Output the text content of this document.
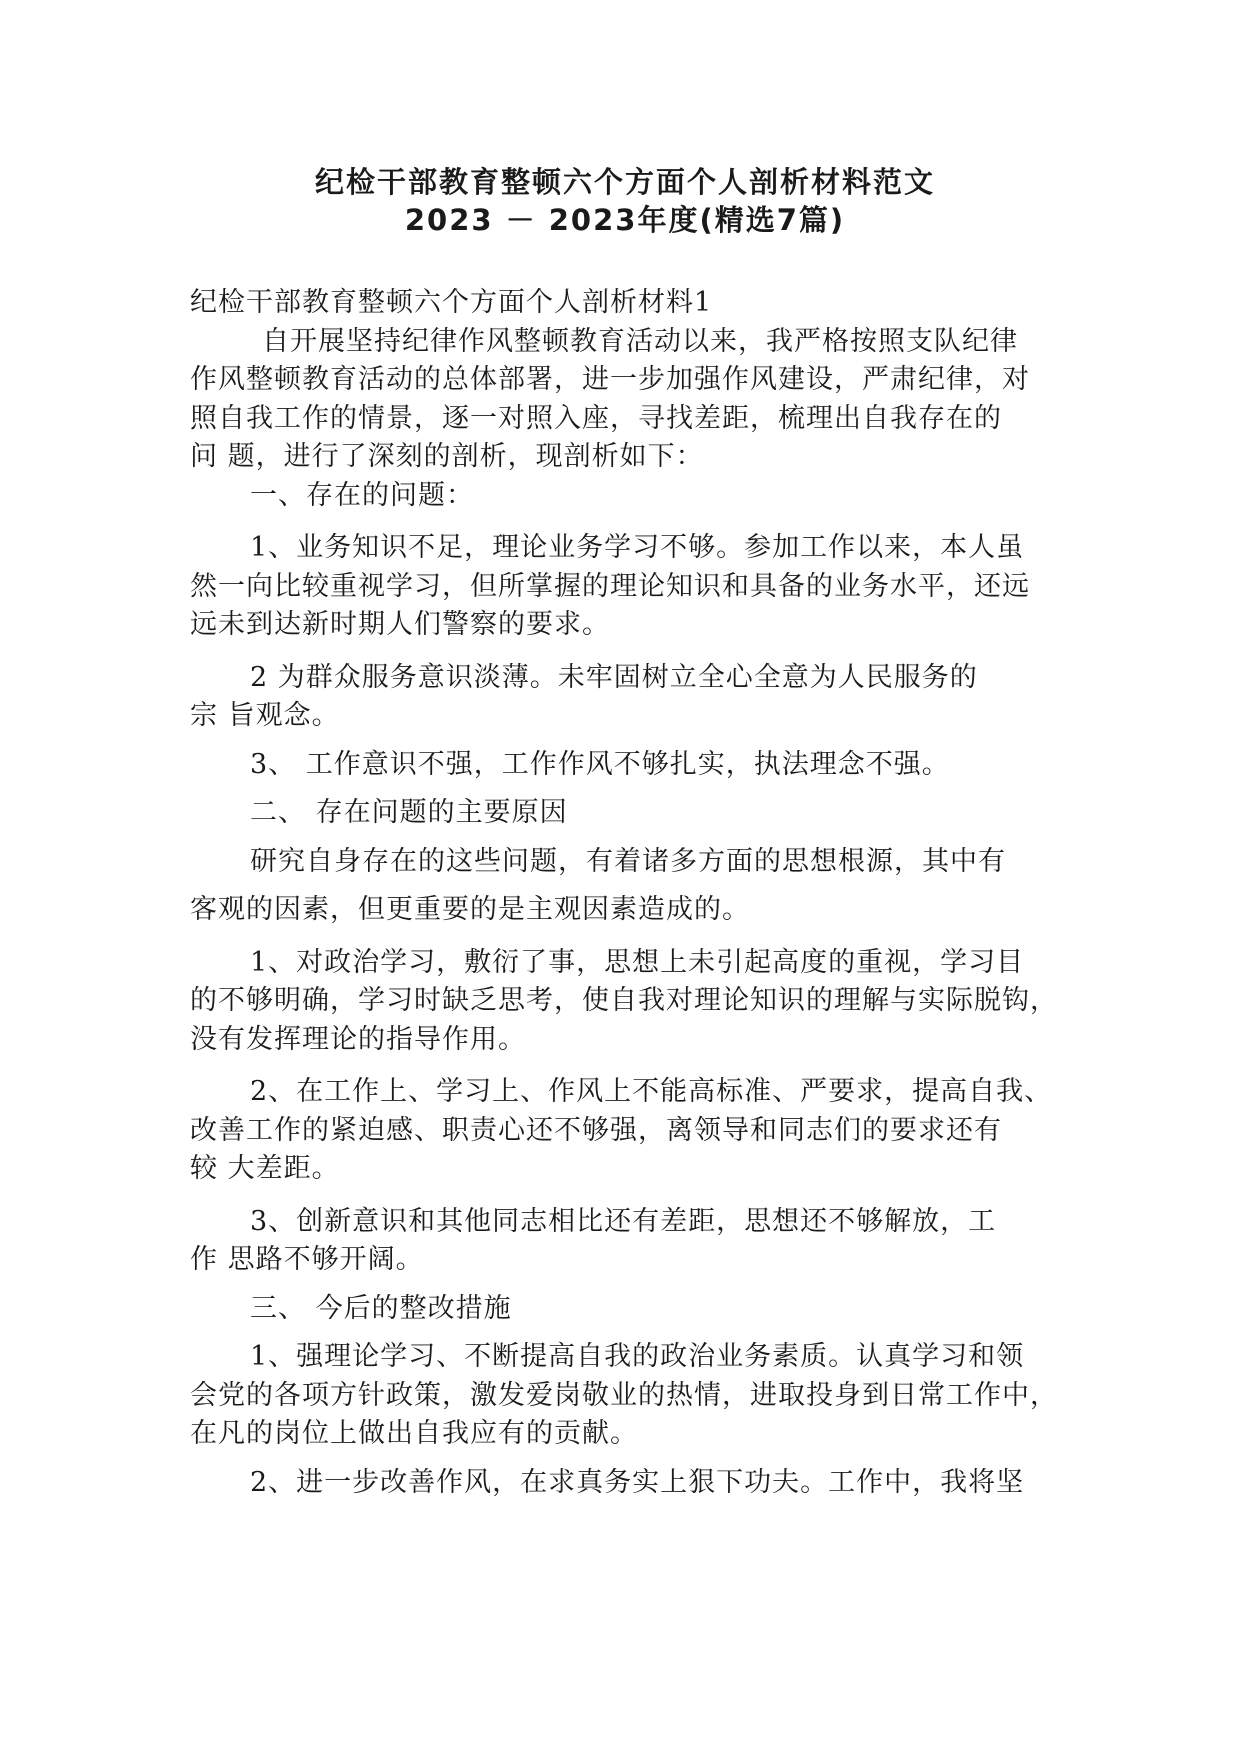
纪检干部教育整顿六个方面个人剖析材料范文
2023 － 2023年度(精选7篇)
纪检干部教育整顿六个方面个人剖析材料1
自开展坚持纪律作风整顿教育活动以来，我严格按照支队纪律
作风整顿教育活动的总体部署，进一步加强作风建设，严肃纪律，对
照自我工作的情景，逐一对照入座，寻找差距，梳理出自我存在的
问 题，进行了深刻的剖析，现剖析如下：
一、存在的问题：
1、业务知识不足，理论业务学习不够。参加工作以来，本人虽
然一向比较重视学习，但所掌握的理论知识和具备的业务水平，还远
远未到达新时期人们警察的要求。
2 为群众服务意识淡薄。未牢固树立全心全意为人民服务的
宗 旨观念。
3、 工作意识不强，工作作风不够扎实，执法理念不强。
二、 存在问题的主要原因
研究自身存在的这些问题，有着诸多方面的思想根源，其中有
客观的因素，但更重要的是主观因素造成的。
1、对政治学习，敷衍了事，思想上未引起高度的重视，学习目
的不够明确，学习时缺乏思考，使自我对理论知识的理解与实际脱钩，
没有发挥理论的指导作用。
2、在工作上、学习上、作风上不能高标准、严要求，提高自我、
改善工作的紧迫感、职责心还不够强，离领导和同志们的要求还有
较 大差距。
3、创新意识和其他同志相比还有差距，思想还不够解放，工
作 思路不够开阔。
三、 今后的整改措施
1、强理论学习、不断提高自我的政治业务素质。认真学习和领
会党的各项方针政策，激发爱岗敬业的热情，进取投身到日常工作中，
在凡的岗位上做出自我应有的贡献。
2、进一步改善作风，在求真务实上狠下功夫。工作中，我将坚
